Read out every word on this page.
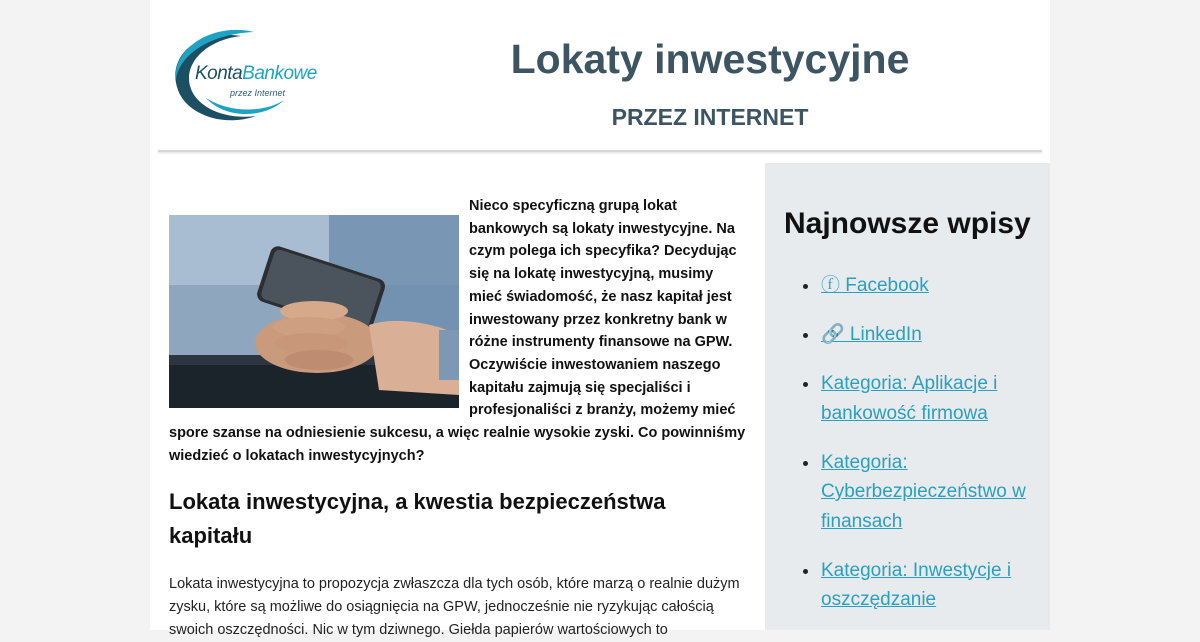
KontaBankowe
przez Internet
Lokaty inwestycyjne
PRZEZ INTERNET

Nieco specyficzną grupą lokat bankowych są lokaty inwestycyjne. Na czym polega ich specyfika? Decydując się na lokatę inwestycyjną, musimy mieć świadomość, że nasz kapitał jest inwestowany przez konkretny bank w różne instrumenty finansowe na GPW. Oczywiście inwestowaniem naszego kapitału zajmują się specjaliści i profesjonaliści z branży, możemy mieć spore szanse na odniesienie sukcesu, a więc realnie wysokie zyski. Co powinniśmy wiedzieć o lokatach inwestycyjnych?

Lokata inwestycyjna, a kwestia bezpieczeństwa kapitału

Lokata inwestycyjna to propozycja zwłaszcza dla tych osób, które marzą o realnie dużym zysku, które są możliwe do osiągnięcia na GPW, jednocześnie nie ryzykując całością swoich oszczędności. Nic w tym dziwnego. Giełda papierów wartościowych to

Najnowsze wpisy
ⓕ Facebook
🔗 LinkedIn
Kategoria: Aplikacje i bankowość firmowa
Kategoria: Cyberbezpieczeństwo w finansach
Kategoria: Inwestycje i oszczędzanie
